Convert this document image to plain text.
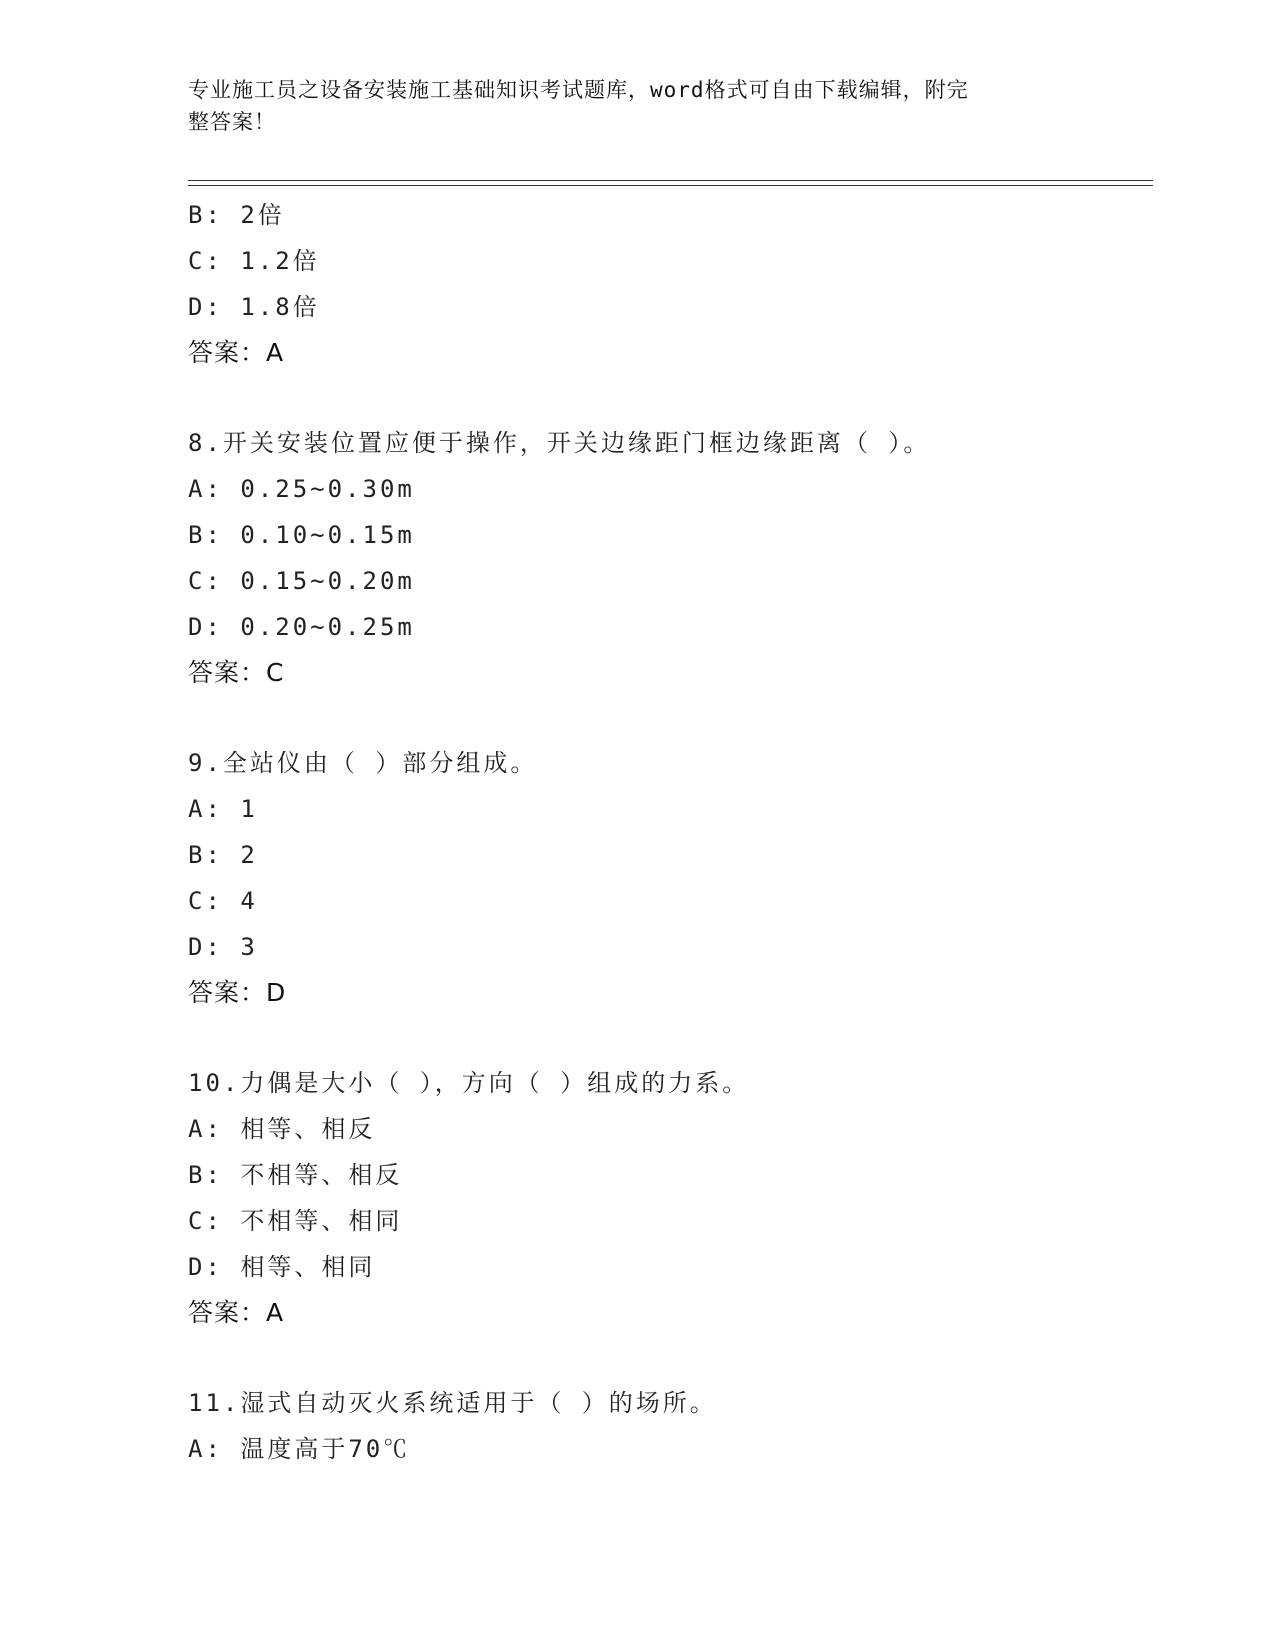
专业施工员之设备安装施工基础知识考试题库，word格式可自由下载编辑，附完
整答案！
B: 2倍
C: 1.2倍
D: 1.8倍
答案：A
8.开关安装位置应便于操作，开关边缘距门框边缘距离（ ）。
A: 0.25~0.30m
B: 0.10~0.15m
C: 0.15~0.20m
D: 0.20~0.25m
答案：C
9.全站仪由（ ）部分组成。
A: 1
B: 2
C: 4
D: 3
答案：D
10.力偶是大小（ ），方向（ ）组成的力系。
A: 相等、相反
B: 不相等、相反
C: 不相等、相同
D: 相等、相同
答案：A
11.湿式自动灭火系统适用于（ ）的场所。
A: 温度高于70℃
